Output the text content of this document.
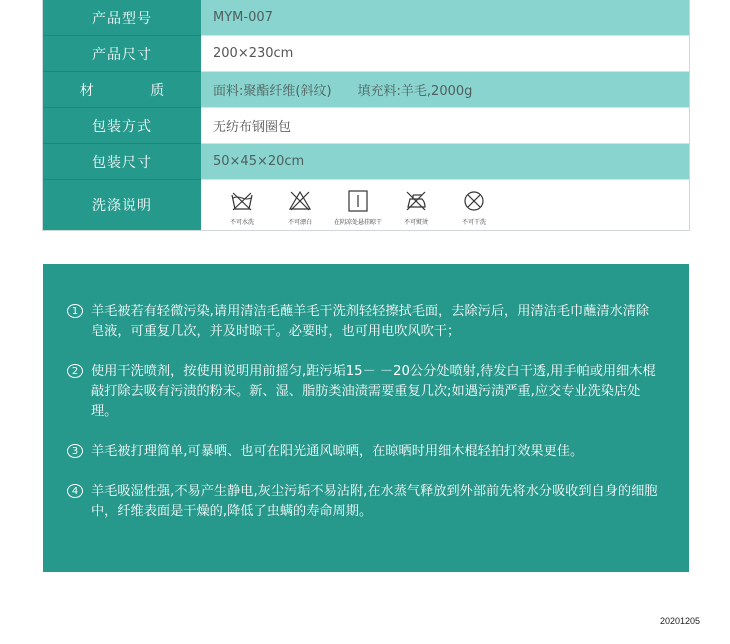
产品型号	MYM-007
产品尺寸	200×230cm
材 质	面料:聚酯纤维(斜纹) 填充料:羊毛,2000g
包装方式	无纺布钢圈包
包装尺寸	50×45×20cm
洗涤说明
不可水洗	不可漂白	在阴凉处悬挂晾干	不可熨烫	不可干洗
1 羊毛被若有轻微污染,请用清洁毛蘸羊毛干洗剂轻轻擦拭毛面，去除污后，用清洁毛巾蘸清水清除皂液，可重复几次，并及时晾干。必要时，也可用电吹风吹干；
2 使用干洗喷剂，按使用说明用前摇匀,距污垢15－ －20公分处喷射,待发白干透,用手帕或用细木棍敲打除去吸有污渍的粉末。新、湿、脂肪类油渍需要重复几次;如遇污渍严重,应交专业洗染店处理。
3 羊毛被打理简单,可暴晒、也可在阳光通风晾晒，在晾晒时用细木棍轻拍打效果更佳。
4 羊毛吸湿性强,不易产生静电,灰尘污垢不易沾附,在水蒸气释放到外部前先将水分吸收到自身的细胞中，纤维表面是干燥的,降低了虫螨的寿命周期。
20201205
